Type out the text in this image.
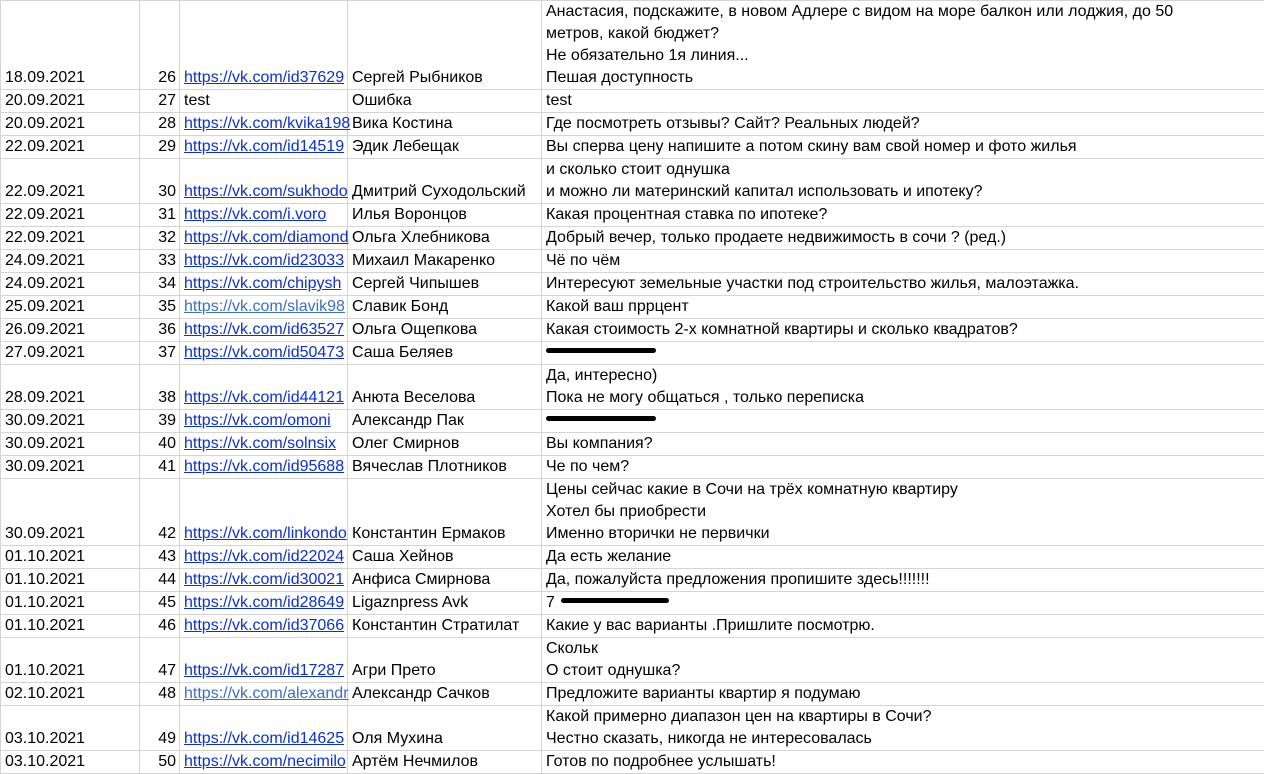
18.09.2021	26	https://vk.com/id37629	Сергей Рыбников	Анастасия, подскажите, в новом Адлере с видом на море балкон или лоджия, до 50
метров, какой бюджет?
Не обязательно 1я линия...
Пешая доступность

20.09.2021	27	test	Ошибка	test

20.09.2021	28	https://vk.com/kvika198	Вика Костина	Где посмотреть отзывы? Сайт? Реальных людей?

22.09.2021	29	https://vk.com/id14519	Эдик Лебещак	Вы сперва цену напишите а потом скину вам свой номер и фото жилья

22.09.2021	30	https://vk.com/sukhodo	Дмитрий Суходольский	и сколько стоит однушка
и можно ли материнский капитал использовать и ипотеку?

22.09.2021	31	https://vk.com/i.voro	Илья Воронцов	Какая процентная ставка по ипотеке?

22.09.2021	32	https://vk.com/diamond	Ольга Хлебникова	Добрый вечер, только продаете недвижимость в сочи ? (ред.)

24.09.2021	33	https://vk.com/id23033	Михаил Макаренко	Чё по чём

24.09.2021	34	https://vk.com/chipysh	Сергей Чипышев	Интересуют земельные участки под строительство жилья, малоэтажка.

25.09.2021	35	https://vk.com/slavik98	Славик Бонд	Какой ваш пррцент

26.09.2021	36	https://vk.com/id63527	Ольга Ощепкова	Какая стоимость 2-х комнатной квартиры и сколько квадратов?

27.09.2021	37	https://vk.com/id50473	Саша Беляев	

28.09.2021	38	https://vk.com/id44121	Анюта Веселова	Да, интересно)
Пока не могу общаться , только переписка

30.09.2021	39	https://vk.com/omoni	Александр Пак	

30.09.2021	40	https://vk.com/solnsix	Олег Смирнов	Вы компания?

30.09.2021	41	https://vk.com/id95688	Вячеслав Плотников	Че по чем?

30.09.2021	42	https://vk.com/linkondo	Константин Ермаков	Цены сейчас какие в Сочи на трёх комнатную квартиру
Хотел бы приобрести
Именно вторички не первички

01.10.2021	43	https://vk.com/id22024	Саша Хейнов	Да есть желание

01.10.2021	44	https://vk.com/id30021	Анфиса Смирнова	Да, пожалуйста предложения пропишите здесь!!!!!!!

01.10.2021	45	https://vk.com/id28649	Ligaznpress Avk	7

01.10.2021	46	https://vk.com/id37066	Константин Стратилат	Какие у вас варианты .Пришлите посмотрю.

01.10.2021	47	https://vk.com/id17287	Агри Прето	Скольк
О стоит однушка?

02.10.2021	48	https://vk.com/alexandr	Александр Сачков	Предложите варианты квартир я подумаю

03.10.2021	49	https://vk.com/id14625	Оля Мухина	Какой примерно диапазон цен на квартиры в Сочи?
Честно сказать, никогда не интересовалась

03.10.2021	50	https://vk.com/necimilo	Артём Нечмилов	Готов по подробнее услышать!
